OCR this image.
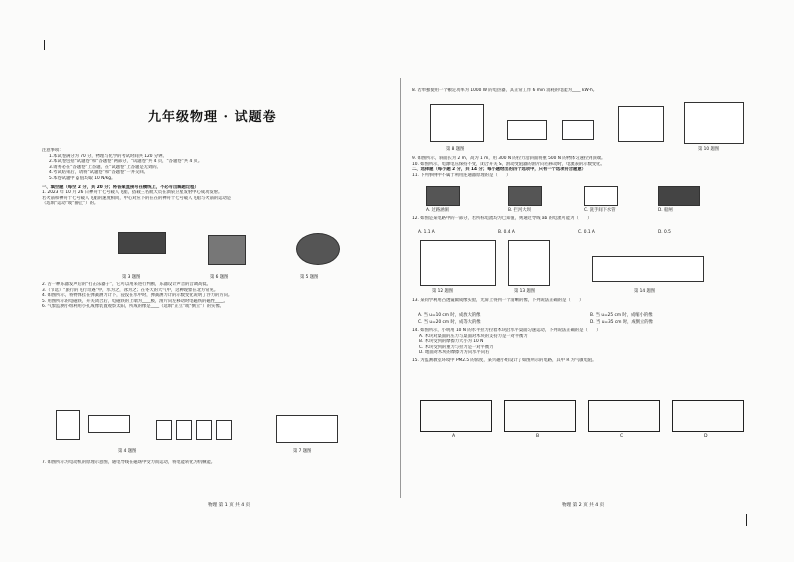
九年级物理 · 试题卷
注意事项：
1.本试卷满分为 70 分，物理与化学的考试时间共 120 分钟。
2.本试卷包括“试题卷”和“答题卷”两部分，“试题卷”共 4 页，“答题卷”共 4 页。
3.请务必在“答题卷”上答题，在“试题卷”上答题是无效的。
4.考试结束后，请将“试题卷”和“答题卷”一并交回。
5.本卷试题中 g 值均取 10 N/kg。
一、填空题（每空 2 分，共 20 分；将答案直接写在横线上，不必写出解题过程）
1. 2023 年 10 月 26 日神舟十七号载人飞船，搭载三名航天员在酒泉卫星发射中心成功发射。
若火箭和神舟十七号载人飞船的速度相同，中心对应下的在在的神舟十七号载人飞船与火箭的运动是
（选填“运动”或“静止”）的。
第 3 题图	第 6 题图	第 5 题图
2. 古一种乐器发声后的“打击乐器子”，它可以用来进行判断，乐器设计声音的音调高低。
3.（节选）“旅行的飞行奇遇”中，水为之，冰为之；在冬天的大气中，这种现象在北方常见。
4. 如图所示，将物体挂在弹簧测力计下，浸没在水中时，弹簧测力计的示数变化说明了浮力的方向。
5. 用图所示的电磁铁，开关闭合后，电磁铁的上端为____极，滑片向左移动时电磁铁的磁性____。
6. 气象监测小组利用小孔成像装置观察太阳，所成的像是____（选填“正立”或“倒立”）的实像。
第 4 题图	第 7 题图
7. 如图所示为电动机的原理示意图，通电导线在磁场中受力而运动，将电能转化为机械能。
物理 第 1 页 共 4 页
8. 若单独使用一个额定功率为 1000 W 的电热器，其正常工作 6 min 消耗的电能为____ kW·h。
第 8 题图	第 10 题图
9. 如图所示，斜面长为 2 m，高为 1 m，用 300 N 的拉力沿斜面将重 500 N 的物体匀速拉到顶端。
10. 如图所示，电源电压保持不变，闭合开关 S，滑动变阻器的滑片向右移动时，电流表的示数变化。
二、选择题（每小题 2 分，共 14 分；每小题给出的四个选项中，只有一个选项符合题意）
11. 下列事例中不属于利用连通器原理的是（　　）
A. 过路涵洞	B. 拦河大坝	C. 洗手间下水管	D. 船闸
12. 如图是某电路中的一部分，若所标电流均为已知值，则通过导线 ab 的电流可能为（　　）
A. 1.1 A	B. 0.4 A	C. 0.1 A	D. 0.5
第 12 题图	第 13 题图	第 14 题图
13. 某同学利用凸透镜做成像实验，光屏上得到一个清晰的像，下列说法正确的是（　　）
A. 当 u=10 cm 时，成放大的像	B. 当 u=25 cm 时，成缩小的像
C. 当 u=20 cm 时，成等大的像	D. 当 u=35 cm 时，成倒立的像
14. 如图所示，小明用 10 N 的水平拉力拉着木块沿水平桌面匀速运动，下列说法正确的是（　　）
A. 木块对桌面的压力与桌面对木块的支持力是一对平衡力
B. 木块受到的摩擦力大小为 10 N
C. 木块受到的重力与拉力是一对平衡力
D. 地面对木块的摩擦力方向水平向右
15. 为监测教室环境中 PM2.5 的浓度，某兴趣小组设计了如图所示的电路，其中 R 为气敏电阻。
A	B	C	D
物理 第 2 页 共 4 页
